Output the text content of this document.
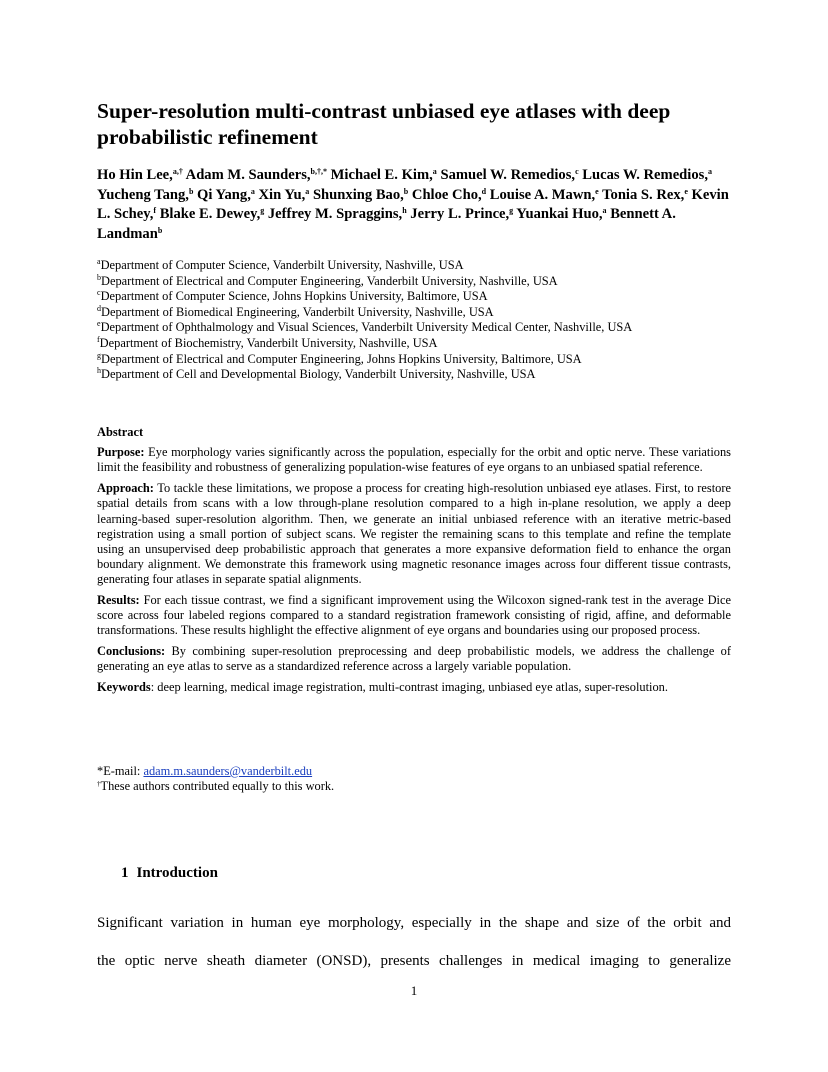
Super-resolution multi-contrast unbiased eye atlases with deep
probabilistic refinement
Ho Hin Lee,$^{a,\dagger}$ Adam M. Saunders,$^{b,\dagger,*}$ Michael E. Kim,$^a$ Samuel W. Remedios,$^c$ Lucas W. Remedios,$^a$ Yucheng Tang,$^b$ Qi Yang,$^a$ Xin Yu,$^a$ Shunxing Bao,$^b$ Chloe Cho,$^d$ Louise A. Mawn,$^e$ Tonia S. Rex,$^e$ Kevin L. Schey,$^f$ Blake E. Dewey,$^g$ Jeffrey M. Spraggins,$^h$ Jerry L. Prince,$^g$ Yuankai Huo,$^a$ Bennett A. Landman$^b$
$^a$Department of Computer Science, Vanderbilt University, Nashville, USA
$^b$Department of Electrical and Computer Engineering, Vanderbilt University, Nashville, USA
$^c$Department of Computer Science, Johns Hopkins University, Baltimore, USA
$^d$Department of Biomedical Engineering, Vanderbilt University, Nashville, USA
$^e$Department of Ophthalmology and Visual Sciences, Vanderbilt University Medical Center, Nashville, USA
$^f$Department of Biochemistry, Vanderbilt University, Nashville, USA
$^g$Department of Electrical and Computer Engineering, Johns Hopkins University, Baltimore, USA
$^h$Department of Cell and Developmental Biology, Vanderbilt University, Nashville, USA
Abstract

Purpose: Eye morphology varies significantly across the population, especially for the orbit and optic nerve. These variations limit the feasibility and robustness of generalizing population-wise features of eye organs to an unbiased spatial reference.

Approach: To tackle these limitations, we propose a process for creating high-resolution unbiased eye atlases. First, to restore spatial details from scans with a low through-plane resolution compared to a high in-plane resolution, we apply a deep learning-based super-resolution algorithm. Then, we generate an initial unbiased reference with an iterative metric-based registration using a small portion of subject scans. We register the remaining scans to this template and refine the template using an unsupervised deep probabilistic approach that generates a more expansive deformation field to enhance the organ boundary alignment. We demonstrate this framework using magnetic resonance images across four different tissue contrasts, generating four atlases in separate spatial alignments.

Results: For each tissue contrast, we find a significant improvement using the Wilcoxon signed-rank test in the average Dice score across four labeled regions compared to a standard registration framework consisting of rigid, affine, and deformable transformations. These results highlight the effective alignment of eye organs and boundaries using our proposed process.

Conclusions: By combining super-resolution preprocessing and deep probabilistic models, we address the challenge of generating an eye atlas to serve as a standardized reference across a largely variable population.

Keywords: deep learning, medical image registration, multi-contrast imaging, unbiased eye atlas, super-resolution.

*E-mail: adam.m.saunders@vanderbilt.edu
†These authors contributed equally to this work.
1 Introduction
Significant variation in human eye morphology, especially in the shape and size of the orbit and
the optic nerve sheath diameter (ONSD), presents challenges in medical imaging to generalize
1
